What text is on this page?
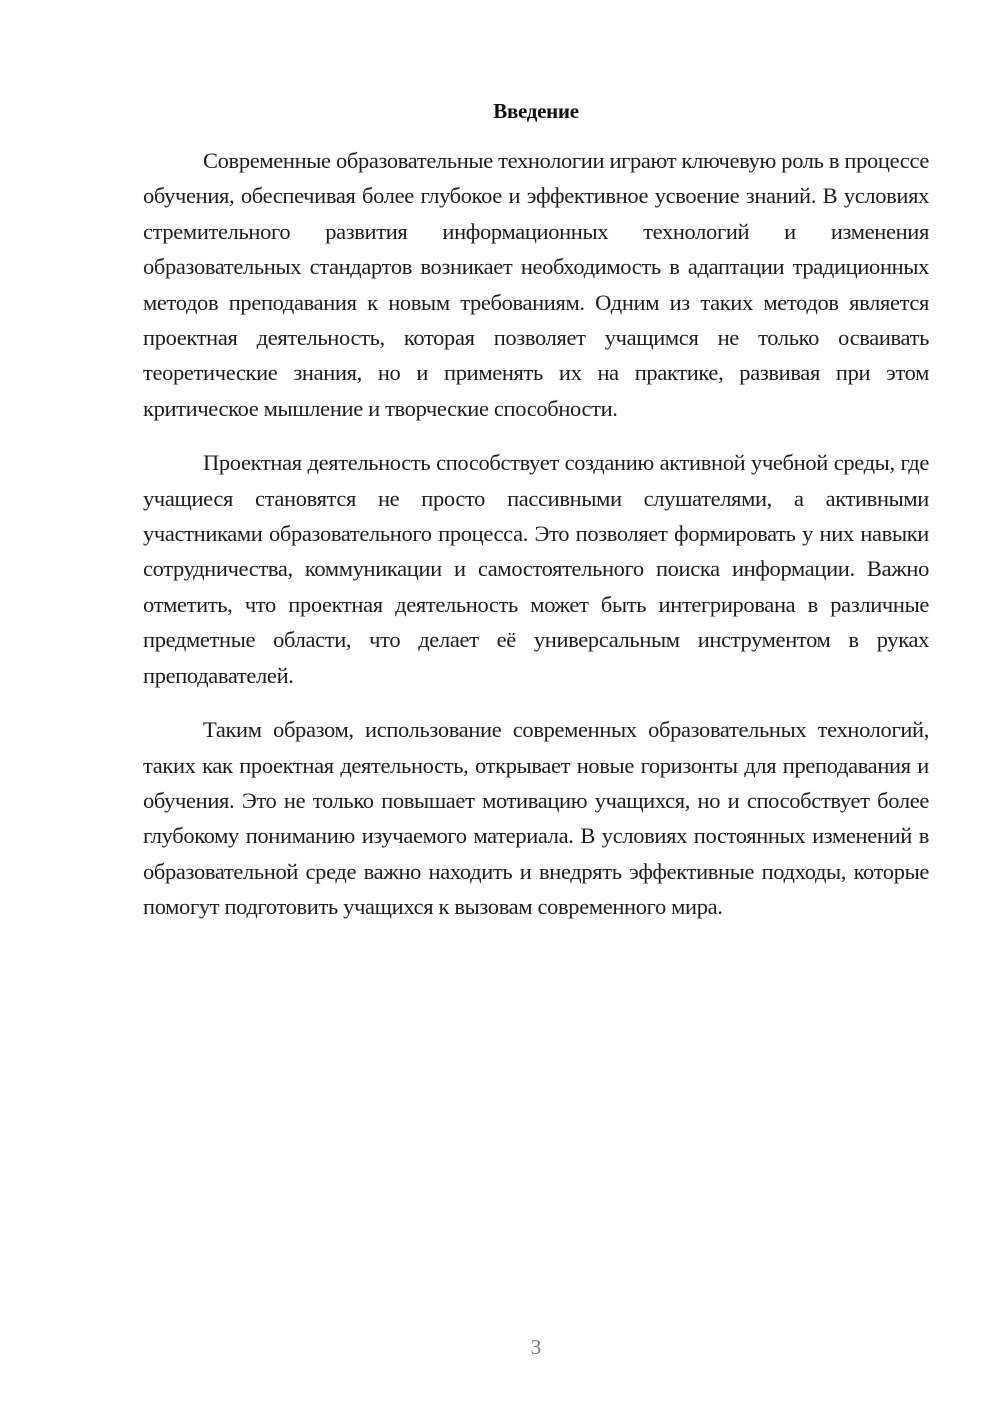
Введение

Современные образовательные технологии играют ключевую роль в процессе обучения, обеспечивая более глубокое и эффективное усвоение знаний. В условиях стремительного развития информационных технологий и изменения образовательных стандартов возникает необходимость в адаптации традиционных методов преподавания к новым требованиям. Одним из таких методов является проектная деятельность, которая позволяет учащимся не только осваивать теоретические знания, но и применять их на практике, развивая при этом критическое мышление и творческие способности.

Проектная деятельность способствует созданию активной учебной среды, где учащиеся становятся не просто пассивными слушателями, а активными участниками образовательного процесса. Это позволяет формировать у них навыки сотрудничества, коммуникации и самостоятельного поиска информации. Важно отметить, что проектная деятельность может быть интегрирована в различные предметные области, что делает её универсальным инструментом в руках преподавателей.

Таким образом, использование современных образовательных технологий, таких как проектная деятельность, открывает новые горизонты для преподавания и обучения. Это не только повышает мотивацию учащихся, но и способствует более глубокому пониманию изучаемого материала. В условиях постоянных изменений в образовательной среде важно находить и внедрять эффективные подходы, которые помогут подготовить учащихся к вызовам современного мира.

3
